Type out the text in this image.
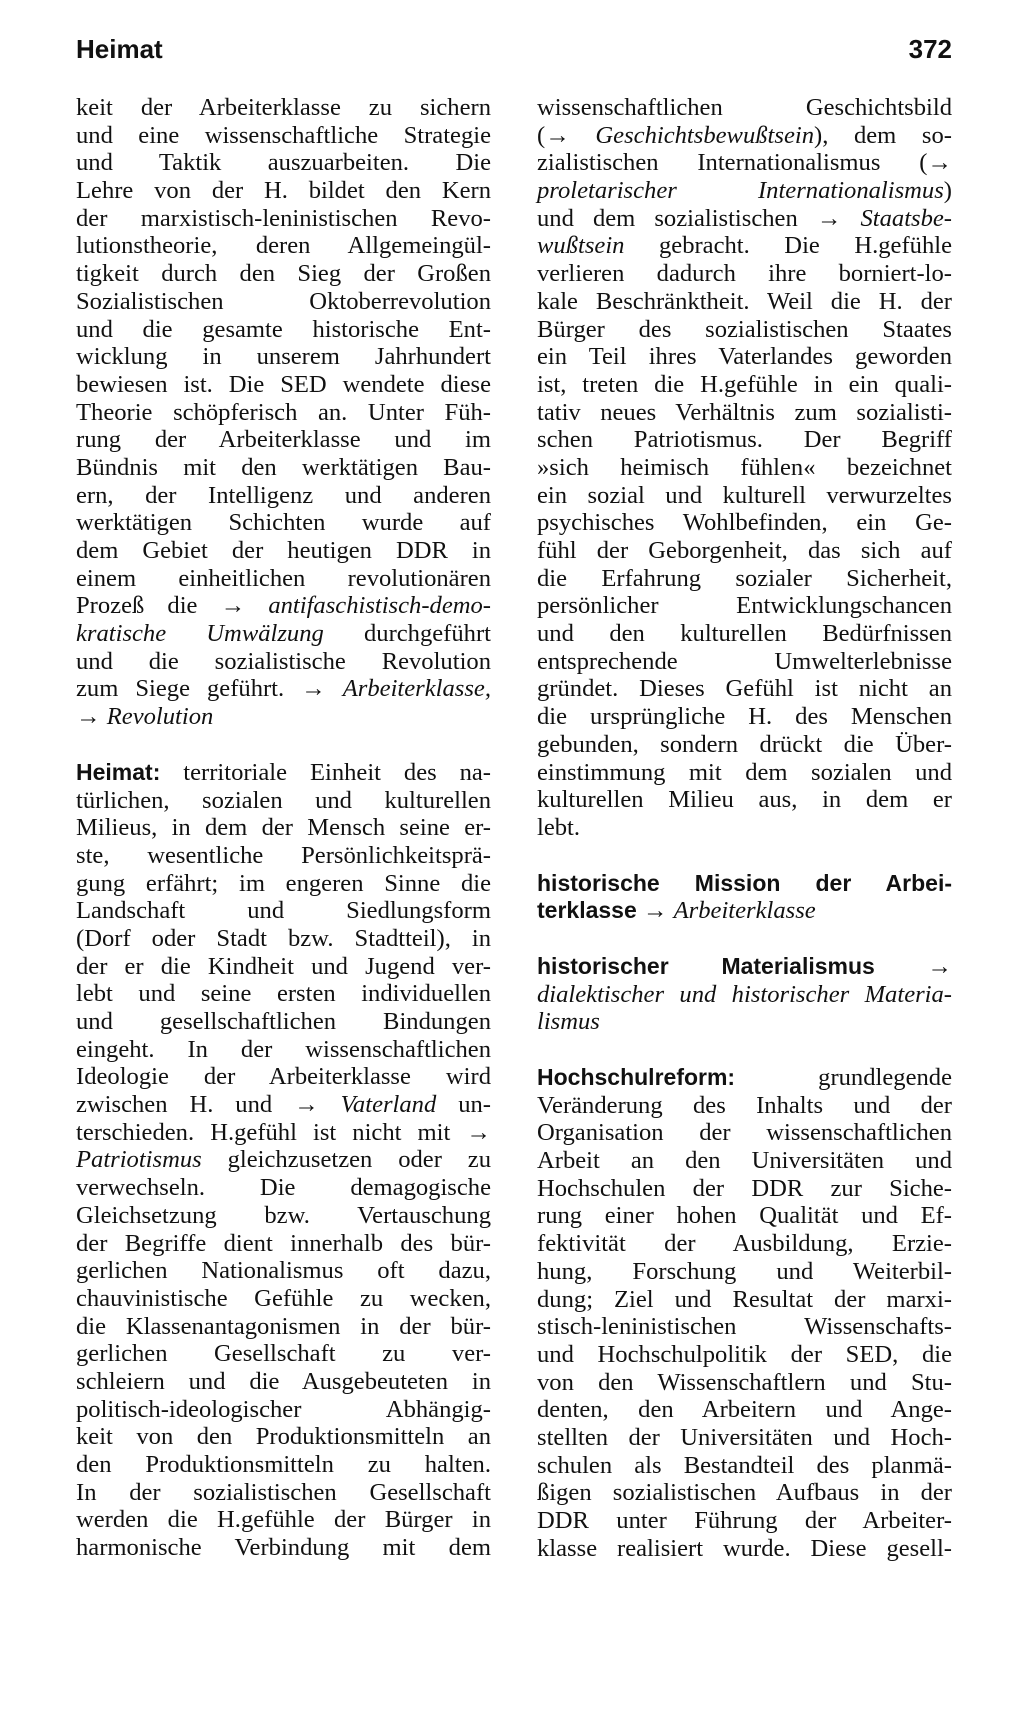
Heimat	372
keit der Arbeiterklasse zu sichern
und eine wissenschaftliche Strategie
und Taktik auszuarbeiten. Die
Lehre von der H. bildet den Kern
der marxistisch-leninistischen Revo-
lutionstheorie, deren Allgemeingül-
tigkeit durch den Sieg der Großen
Sozialistischen Oktoberrevolution
und die gesamte historische Ent-
wicklung in unserem Jahrhundert
bewiesen ist. Die SED wendete diese
Theorie schöpferisch an. Unter Füh-
rung der Arbeiterklasse und im
Bündnis mit den werktätigen Bau-
ern, der Intelligenz und anderen
werktätigen Schichten wurde auf
dem Gebiet der heutigen DDR in
einem einheitlichen revolutionären
Prozeß die → antifaschistisch-demo-
kratische Umwälzung durchgeführt
und die sozialistische Revolution
zum Siege geführt. → Arbeiterklasse,
→ Revolution
Heimat: territoriale Einheit des na-
türlichen, sozialen und kulturellen
Milieus, in dem der Mensch seine er-
ste, wesentliche Persönlichkeitsprä-
gung erfährt; im engeren Sinne die
Landschaft und Siedlungsform
(Dorf oder Stadt bzw. Stadtteil), in
der er die Kindheit und Jugend ver-
lebt und seine ersten individuellen
und gesellschaftlichen Bindungen
eingeht. In der wissenschaftlichen
Ideologie der Arbeiterklasse wird
zwischen H. und → Vaterland un-
terschieden. H.gefühl ist nicht mit →
Patriotismus gleichzusetzen oder zu
verwechseln. Die demagogische
Gleichsetzung bzw. Vertauschung
der Begriffe dient innerhalb des bür-
gerlichen Nationalismus oft dazu,
chauvinistische Gefühle zu wecken,
die Klassenantagonismen in der bür-
gerlichen Gesellschaft zu ver-
schleiern und die Ausgebeuteten in
politisch-ideologischer Abhängig-
keit von den Produktionsmitteln an
den Produktionsmitteln zu halten.
In der sozialistischen Gesellschaft
werden die H.gefühle der Bürger in
harmonische Verbindung mit dem
wissenschaftlichen Geschichtsbild
(→ Geschichtsbewußtsein), dem so-
zialistischen Internationalismus (→
proletarischer Internationalismus)
und dem sozialistischen → Staatsbe-
wußtsein gebracht. Die H.gefühle
verlieren dadurch ihre borniert-lo-
kale Beschränktheit. Weil die H. der
Bürger des sozialistischen Staates
ein Teil ihres Vaterlandes geworden
ist, treten die H.gefühle in ein quali-
tativ neues Verhältnis zum sozialisti-
schen Patriotismus. Der Begriff
»sich heimisch fühlen« bezeichnet
ein sozial und kulturell verwurzeltes
psychisches Wohlbefinden, ein Ge-
fühl der Geborgenheit, das sich auf
die Erfahrung sozialer Sicherheit,
persönlicher Entwicklungschancen
und den kulturellen Bedürfnissen
entsprechende Umwelterlebnisse
gründet. Dieses Gefühl ist nicht an
die ursprüngliche H. des Menschen
gebunden, sondern drückt die Über-
einstimmung mit dem sozialen und
kulturellen Milieu aus, in dem er
lebt.
historische Mission der Arbei-
terklasse → Arbeiterklasse
historischer Materialismus →
dialektischer und historischer Materia-
lismus
Hochschulreform: grundlegende
Veränderung des Inhalts und der
Organisation der wissenschaftlichen
Arbeit an den Universitäten und
Hochschulen der DDR zur Siche-
rung einer hohen Qualität und Ef-
fektivität der Ausbildung, Erzie-
hung, Forschung und Weiterbil-
dung; Ziel und Resultat der marxi-
stisch-leninistischen Wissenschafts-
und Hochschulpolitik der SED, die
von den Wissenschaftlern und Stu-
denten, den Arbeitern und Ange-
stellten der Universitäten und Hoch-
schulen als Bestandteil des planmä-
ßigen sozialistischen Aufbaus in der
DDR unter Führung der Arbeiter-
klasse realisiert wurde. Diese gesell-
